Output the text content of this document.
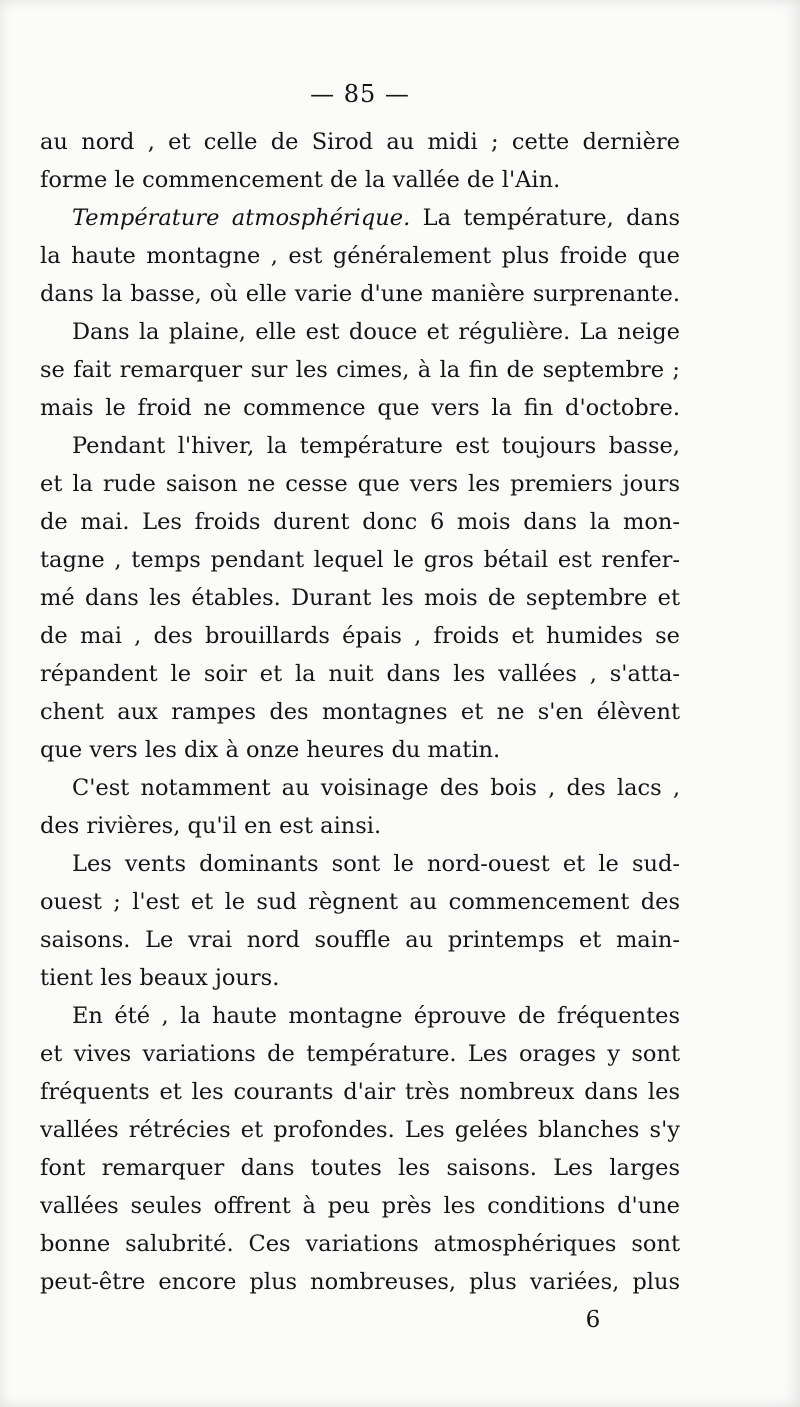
— 85 —
au nord , et celle de Sirod au midi ; cette dernière
forme le commencement de la vallée de l'Ain.
Température atmosphérique. La température, dans
la haute montagne , est généralement plus froide que
dans la basse, où elle varie d'une manière surprenante.
Dans la plaine, elle est douce et régulière. La neige
se fait remarquer sur les cimes, à la fin de septembre ;
mais le froid ne commence que vers la fin d'octobre.
Pendant l'hiver, la température est toujours basse,
et la rude saison ne cesse que vers les premiers jours
de mai. Les froids durent donc 6 mois dans la mon-
tagne , temps pendant lequel le gros bétail est renfer-
mé dans les étables. Durant les mois de septembre et
de mai , des brouillards épais , froids et humides se
répandent le soir et la nuit dans les vallées , s'atta-
chent aux rampes des montagnes et ne s'en élèvent
que vers les dix à onze heures du matin.
C'est notamment au voisinage des bois , des lacs ,
des rivières, qu'il en est ainsi.
Les vents dominants sont le nord-ouest et le sud-
ouest ; l'est et le sud règnent au commencement des
saisons. Le vrai nord souffle au printemps et main-
tient les beaux jours.
En été , la haute montagne éprouve de fréquentes
et vives variations de température. Les orages y sont
fréquents et les courants d'air très nombreux dans les
vallées rétrécies et profondes. Les gelées blanches s'y
font remarquer dans toutes les saisons. Les larges
vallées seules offrent à peu près les conditions d'une
bonne salubrité. Ces variations atmosphériques sont
peut-être encore plus nombreuses, plus variées, plus
6
